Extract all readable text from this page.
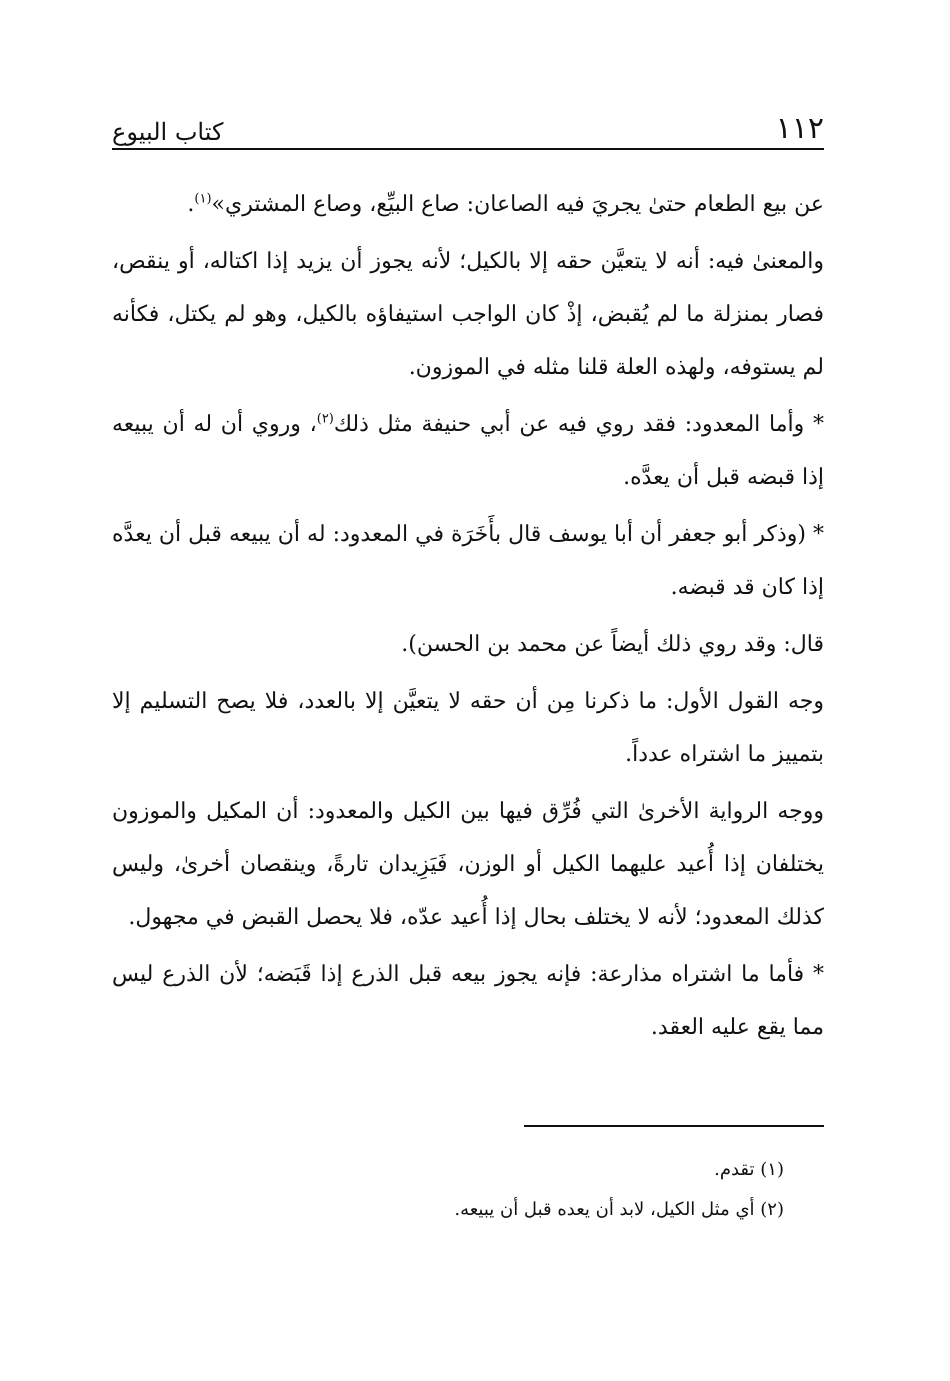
١١٢
كتاب البيوع

عن بيع الطعام حتىٰ يجريَ فيه الصاعان: صاع البيِّع، وصاع المشتري»$^{(١)}$.

والمعنىٰ فيه: أنه لا يتعيَّن حقه إلا بالكيل؛ لأنه يجوز أن يزيد إذا اكتاله، أو ينقص، فصار بمنزلة ما لم يُقبض، إذْ كان الواجب استيفاؤه بالكيل، وهو لم يكتل، فكأنه لم يستوفه، ولهذه العلة قلنا مثله في الموزون.

* وأما المعدود: فقد روي فيه عن أبي حنيفة مثل ذلك$^{(٢)}$، وروي أن له أن يبيعه إذا قبضه قبل أن يعدَّه.

* (وذكر أبو جعفر أن أبا يوسف قال بأَخَرَة في المعدود: له أن يبيعه قبل أن يعدَّه إذا كان قد قبضه.

قال: وقد روي ذلك أيضاً عن محمد بن الحسن).

وجه القول الأول: ما ذكرنا مِن أن حقه لا يتعيَّن إلا بالعدد، فلا يصح التسليم إلا بتمييز ما اشتراه عدداً.

ووجه الرواية الأخرىٰ التي فُرِّق فيها بين الكيل والمعدود: أن المكيل والموزون يختلفان إذا أُعيد عليهما الكيل أو الوزن، فَيَزِيدان تارةً، وينقصان أخرىٰ، وليس كذلك المعدود؛ لأنه لا يختلف بحال إذا أُعيد عدّه، فلا يحصل القبض في مجهول.

* فأما ما اشتراه مذارعة: فإنه يجوز بيعه قبل الذرع إذا قَبَضه؛ لأن الذرع ليس مما يقع عليه العقد.

(١) تقدم.

(٢) أي مثل الكيل، لابد أن يعده قبل أن يبيعه.
